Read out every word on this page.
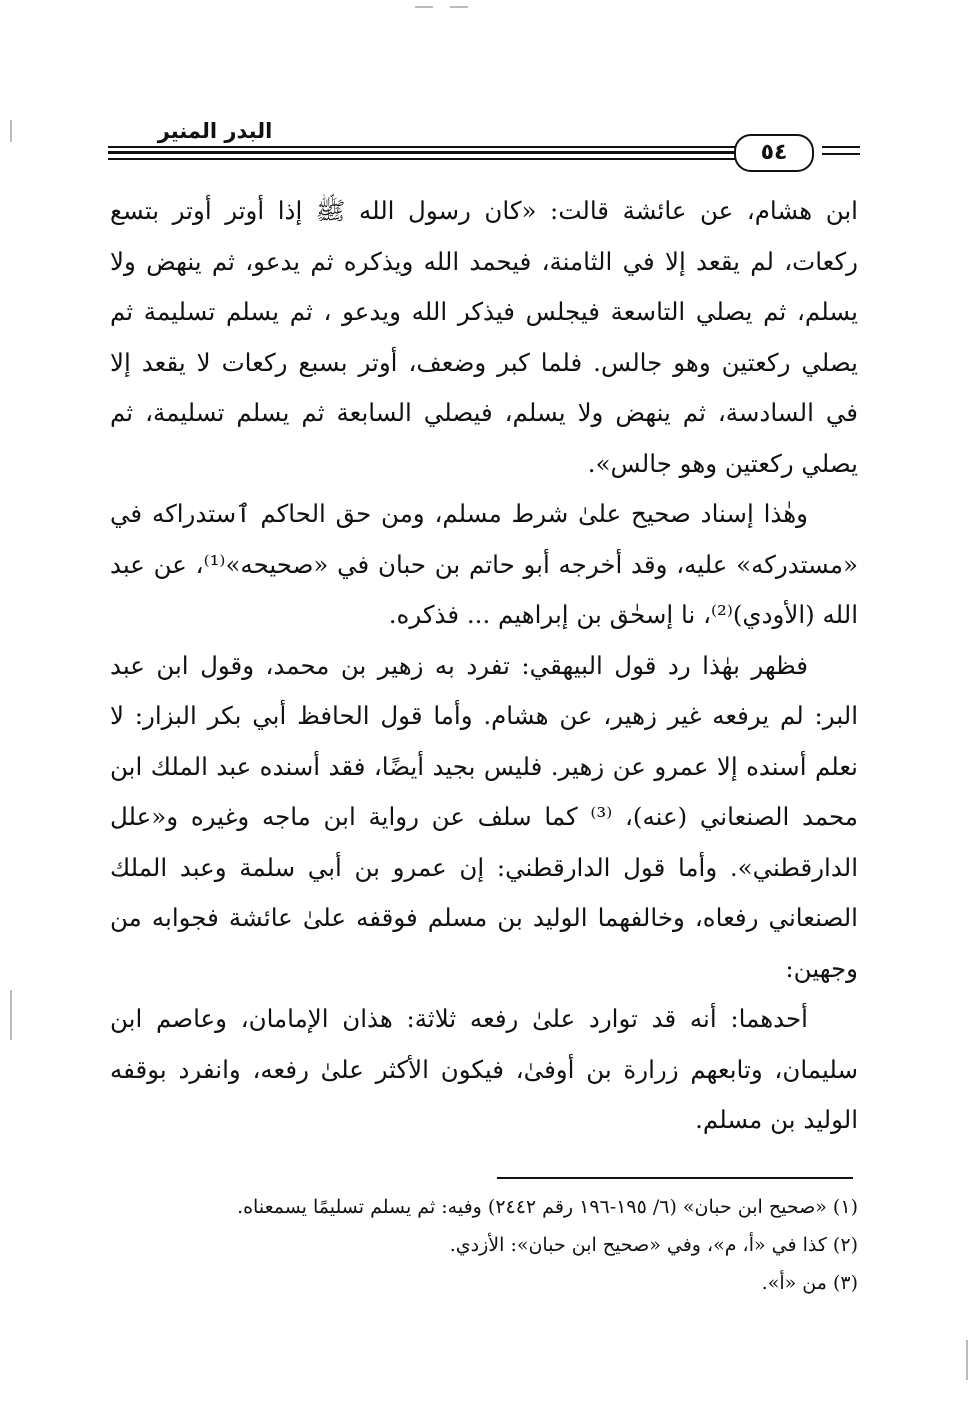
البدر المنير
٥٤

ابن هشام، عن عائشة قالت: «كان رسول الله ﷺ إذا أوتر أوتر بتسع ركعات، لم يقعد إلا في الثامنة، فيحمد الله ويذكره ثم يدعو، ثم ينهض ولا يسلم، ثم يصلي التاسعة فيجلس فيذكر الله ويدعو ، ثم يسلم تسليمة ثم يصلي ركعتين وهو جالس. فلما كبر وضعف، أوتر بسبع ركعات لا يقعد إلا في السادسة، ثم ينهض ولا يسلم، فيصلي السابعة ثم يسلم تسليمة، ثم يصلي ركعتين وهو جالس».

وهٰذا إسناد صحيح علىٰ شرط مسلم، ومن حق الحاكم ٱستدراكه في «مستدركه» عليه، وقد أخرجه أبو حاتم بن حبان في «صحيحه»⁽¹⁾، عن عبد الله (الأودي)⁽²⁾، نا إسحٰق بن إبراهيم ... فذكره.

فظهر بهٰذا رد قول البيهقي: تفرد به زهير بن محمد، وقول ابن عبد البر: لم يرفعه غير زهير، عن هشام. وأما قول الحافظ أبي بكر البزار: لا نعلم أسنده إلا عمرو عن زهير. فليس بجيد أيضًا، فقد أسنده عبد الملك ابن محمد الصنعاني (عنه)، ⁽³⁾ كما سلف عن رواية ابن ماجه وغيره و«علل الدارقطني». وأما قول الدارقطني: إن عمرو بن أبي سلمة وعبد الملك الصنعاني رفعاه، وخالفهما الوليد بن مسلم فوقفه علىٰ عائشة فجوابه من وجهين:

أحدهما: أنه قد توارد علىٰ رفعه ثلاثة: هذان الإمامان، وعاصم ابن سليمان، وتابعهم زرارة بن أوفىٰ، فيكون الأكثر علىٰ رفعه، وانفرد بوقفه الوليد بن مسلم.

(١) «صحيح ابن حبان» (٦/ ١٩٥-١٩٦ رقم ٢٤٤٢) وفيه: ثم يسلم تسليمًا يسمعناه.

(٢) كذا في «أ، م»، وفي «صحيح ابن حبان»: الأزدي.

(٣) من «أ».
